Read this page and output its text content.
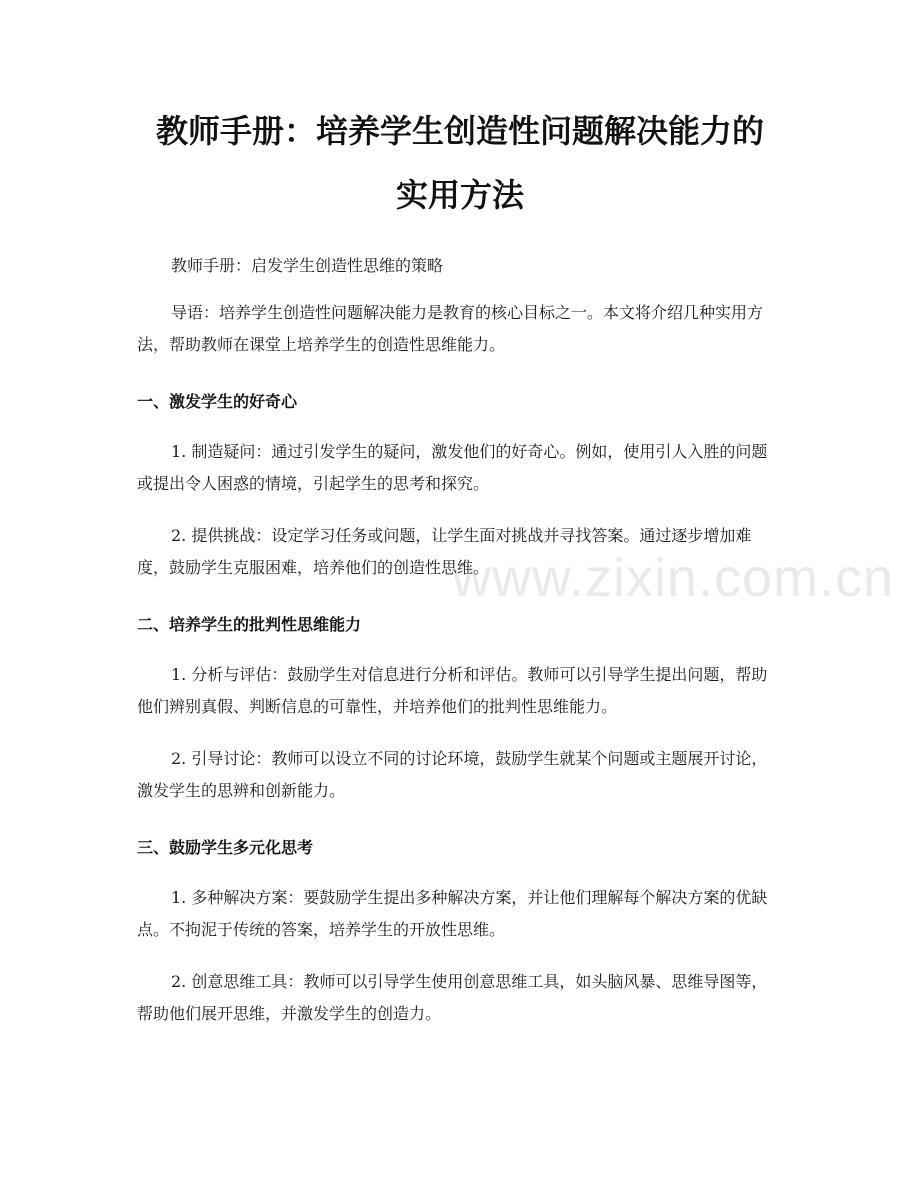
教师手册：培养学生创造性问题解决能力的
实用方法

教师手册：启发学生创造性思维的策略

导语：培养学生创造性问题解决能力是教育的核心目标之一。本文将介绍几种实用方法，帮助教师在课堂上培养学生的创造性思维能力。

一、激发学生的好奇心

1. 制造疑问：通过引发学生的疑问，激发他们的好奇心。例如，使用引人入胜的问题或提出令人困惑的情境，引起学生的思考和探究。

2. 提供挑战：设定学习任务或问题，让学生面对挑战并寻找答案。通过逐步增加难度，鼓励学生克服困难，培养他们的创造性思维。

二、培养学生的批判性思维能力

1. 分析与评估：鼓励学生对信息进行分析和评估。教师可以引导学生提出问题，帮助他们辨别真假、判断信息的可靠性，并培养他们的批判性思维能力。

2. 引导讨论：教师可以设立不同的讨论环境，鼓励学生就某个问题或主题展开讨论，激发学生的思辨和创新能力。

三、鼓励学生多元化思考

1. 多种解决方案：要鼓励学生提出多种解决方案，并让他们理解每个解决方案的优缺点。不拘泥于传统的答案，培养学生的开放性思维。

2. 创意思维工具：教师可以引导学生使用创意思维工具，如头脑风暴、思维导图等，帮助他们展开思维，并激发学生的创造力。

www.zixin.com.cn
